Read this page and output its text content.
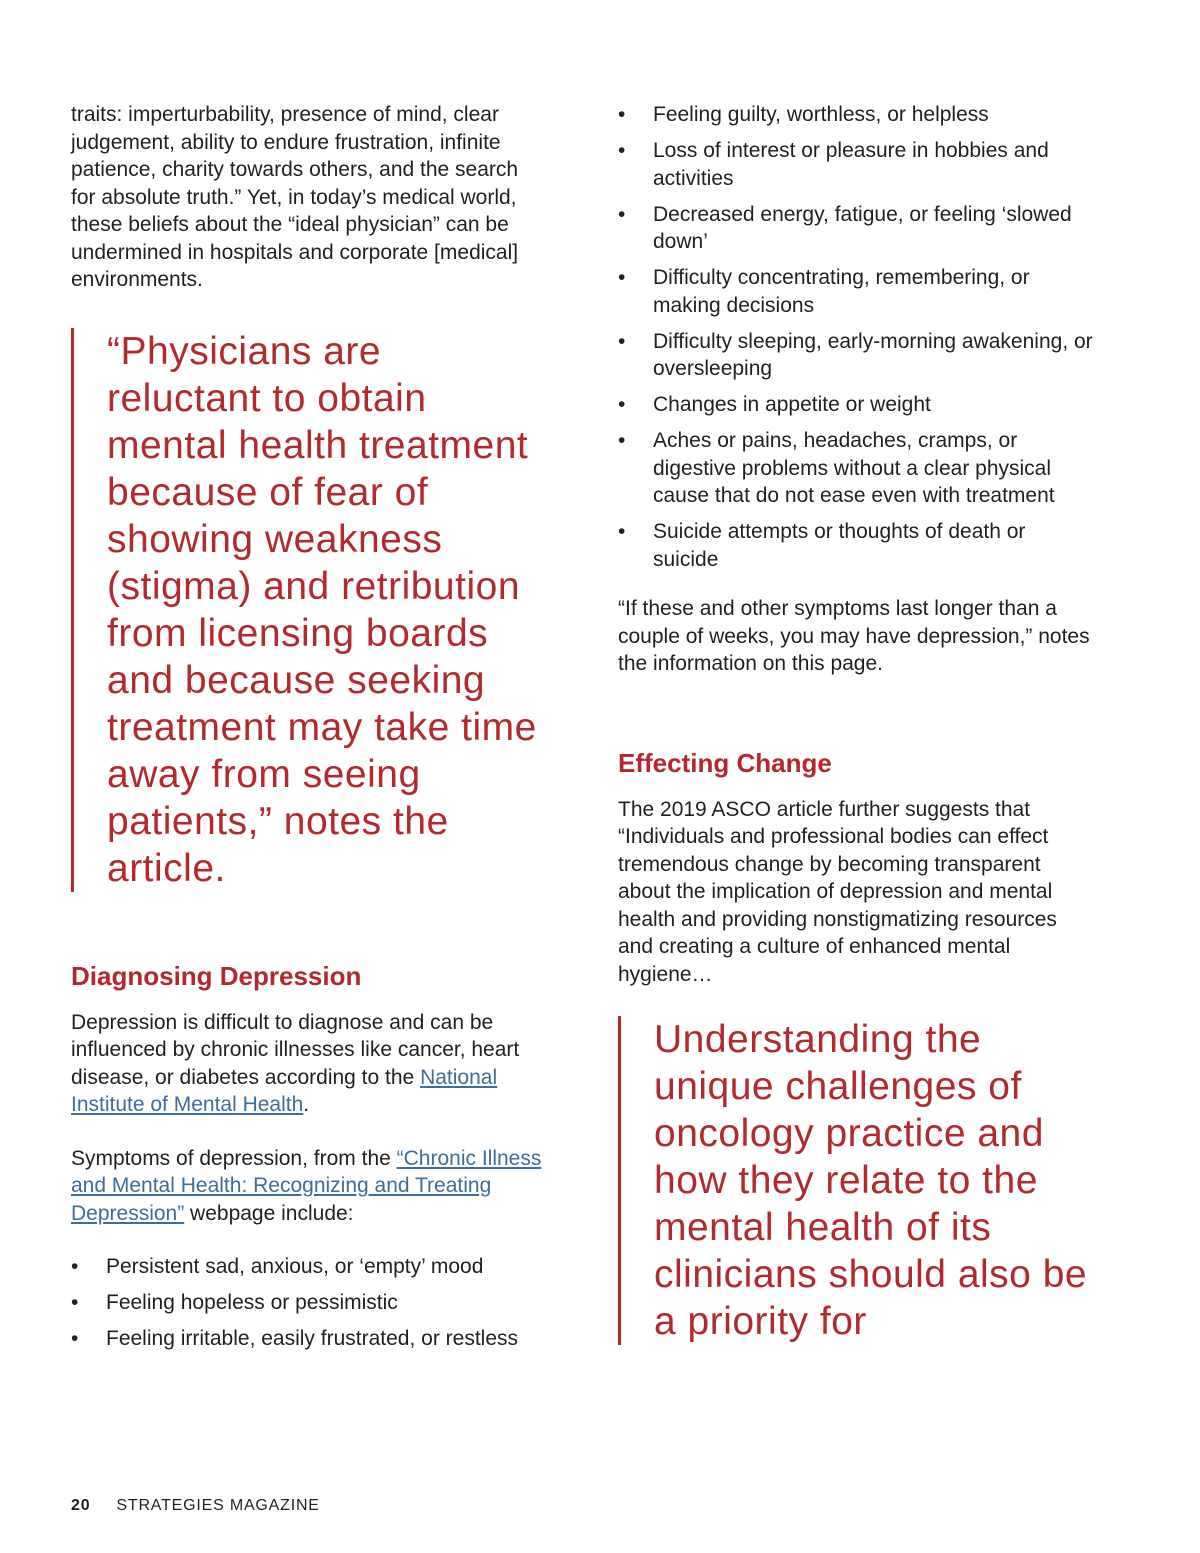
traits: imperturbability, presence of mind, clear judgement, ability to endure frustration, infinite patience, charity towards others, and the search for absolute truth.” Yet, in today’s medical world, these beliefs about the “ideal physician” can be undermined in hospitals and corporate [medical] environments.

“Physicians are reluctant to obtain mental health treatment because of fear of showing weakness (stigma) and retribution from licensing boards and because seeking treatment may take time away from seeing patients,” notes the article.

Diagnosing Depression

Depression is difficult to diagnose and can be influenced by chronic illnesses like cancer, heart disease, or diabetes according to the National Institute of Mental Health.

Symptoms of depression, from the “Chronic Illness and Mental Health: Recognizing and Treating Depression” webpage include:

•	Persistent sad, anxious, or ‘empty’ mood
•	Feeling hopeless or pessimistic
•	Feeling irritable, easily frustrated, or restless
•	Feeling guilty, worthless, or helpless
•	Loss of interest or pleasure in hobbies and activities
•	Decreased energy, fatigue, or feeling ‘slowed down’
•	Difficulty concentrating, remembering, or making decisions
•	Difficulty sleeping, early-morning awakening, or oversleeping
•	Changes in appetite or weight
•	Aches or pains, headaches, cramps, or digestive problems without a clear physical cause that do not ease even with treatment
•	Suicide attempts or thoughts of death or suicide

“If these and other symptoms last longer than a couple of weeks, you may have depression,” notes the information on this page.

Effecting Change

The 2019 ASCO article further suggests that “Individuals and professional bodies can effect tremendous change by becoming transparent about the implication of depression and mental health and providing nonstigmatizing resources and creating a culture of enhanced mental hygiene…

Understanding the unique challenges of oncology practice and how they relate to the mental health of its clinicians should also be a priority for

20 STRATEGIES MAGAZINE
